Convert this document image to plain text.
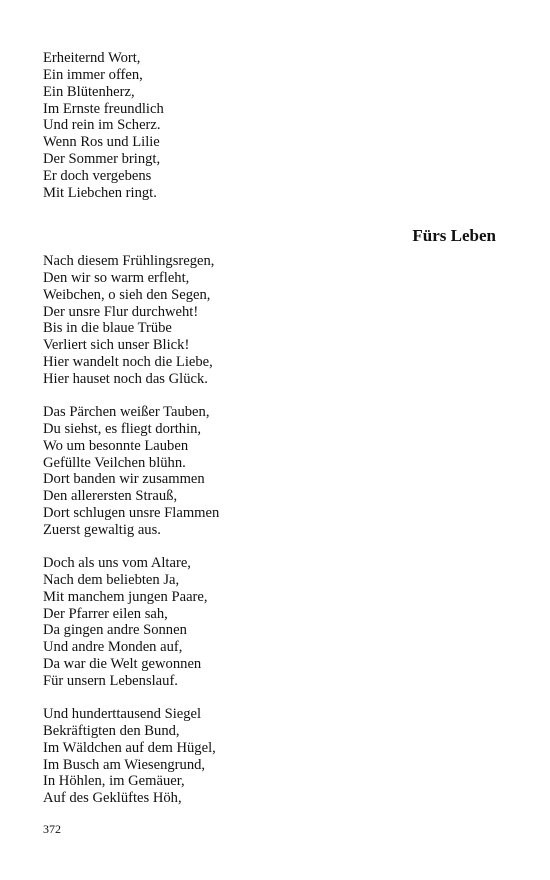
Erheiternd Wort,
Ein immer offen,
Ein Blütenherz,
Im Ernste freundlich
Und rein im Scherz.
Wenn Ros und Lilie
Der Sommer bringt,
Er doch vergebens
Mit Liebchen ringt.
Fürs Leben
Nach diesem Frühlingsregen,
Den wir so warm erfleht,
Weibchen, o sieh den Segen,
Der unsre Flur durchweht!
Bis in die blaue Trübe
Verliert sich unser Blick!
Hier wandelt noch die Liebe,
Hier hauset noch das Glück.
Das Pärchen weißer Tauben,
Du siehst, es fliegt dorthin,
Wo um besonnte Lauben
Gefüllte Veilchen blühn.
Dort banden wir zusammen
Den allerersten Strauß,
Dort schlugen unsre Flammen
Zuerst gewaltig aus.
Doch als uns vom Altare,
Nach dem beliebten Ja,
Mit manchem jungen Paare,
Der Pfarrer eilen sah,
Da gingen andre Sonnen
Und andre Monden auf,
Da war die Welt gewonnen
Für unsern Lebenslauf.
Und hunderttausend Siegel
Bekräftigten den Bund,
Im Wäldchen auf dem Hügel,
Im Busch am Wiesengrund,
In Höhlen, im Gemäuer,
Auf des Geklüftes Höh,
372
